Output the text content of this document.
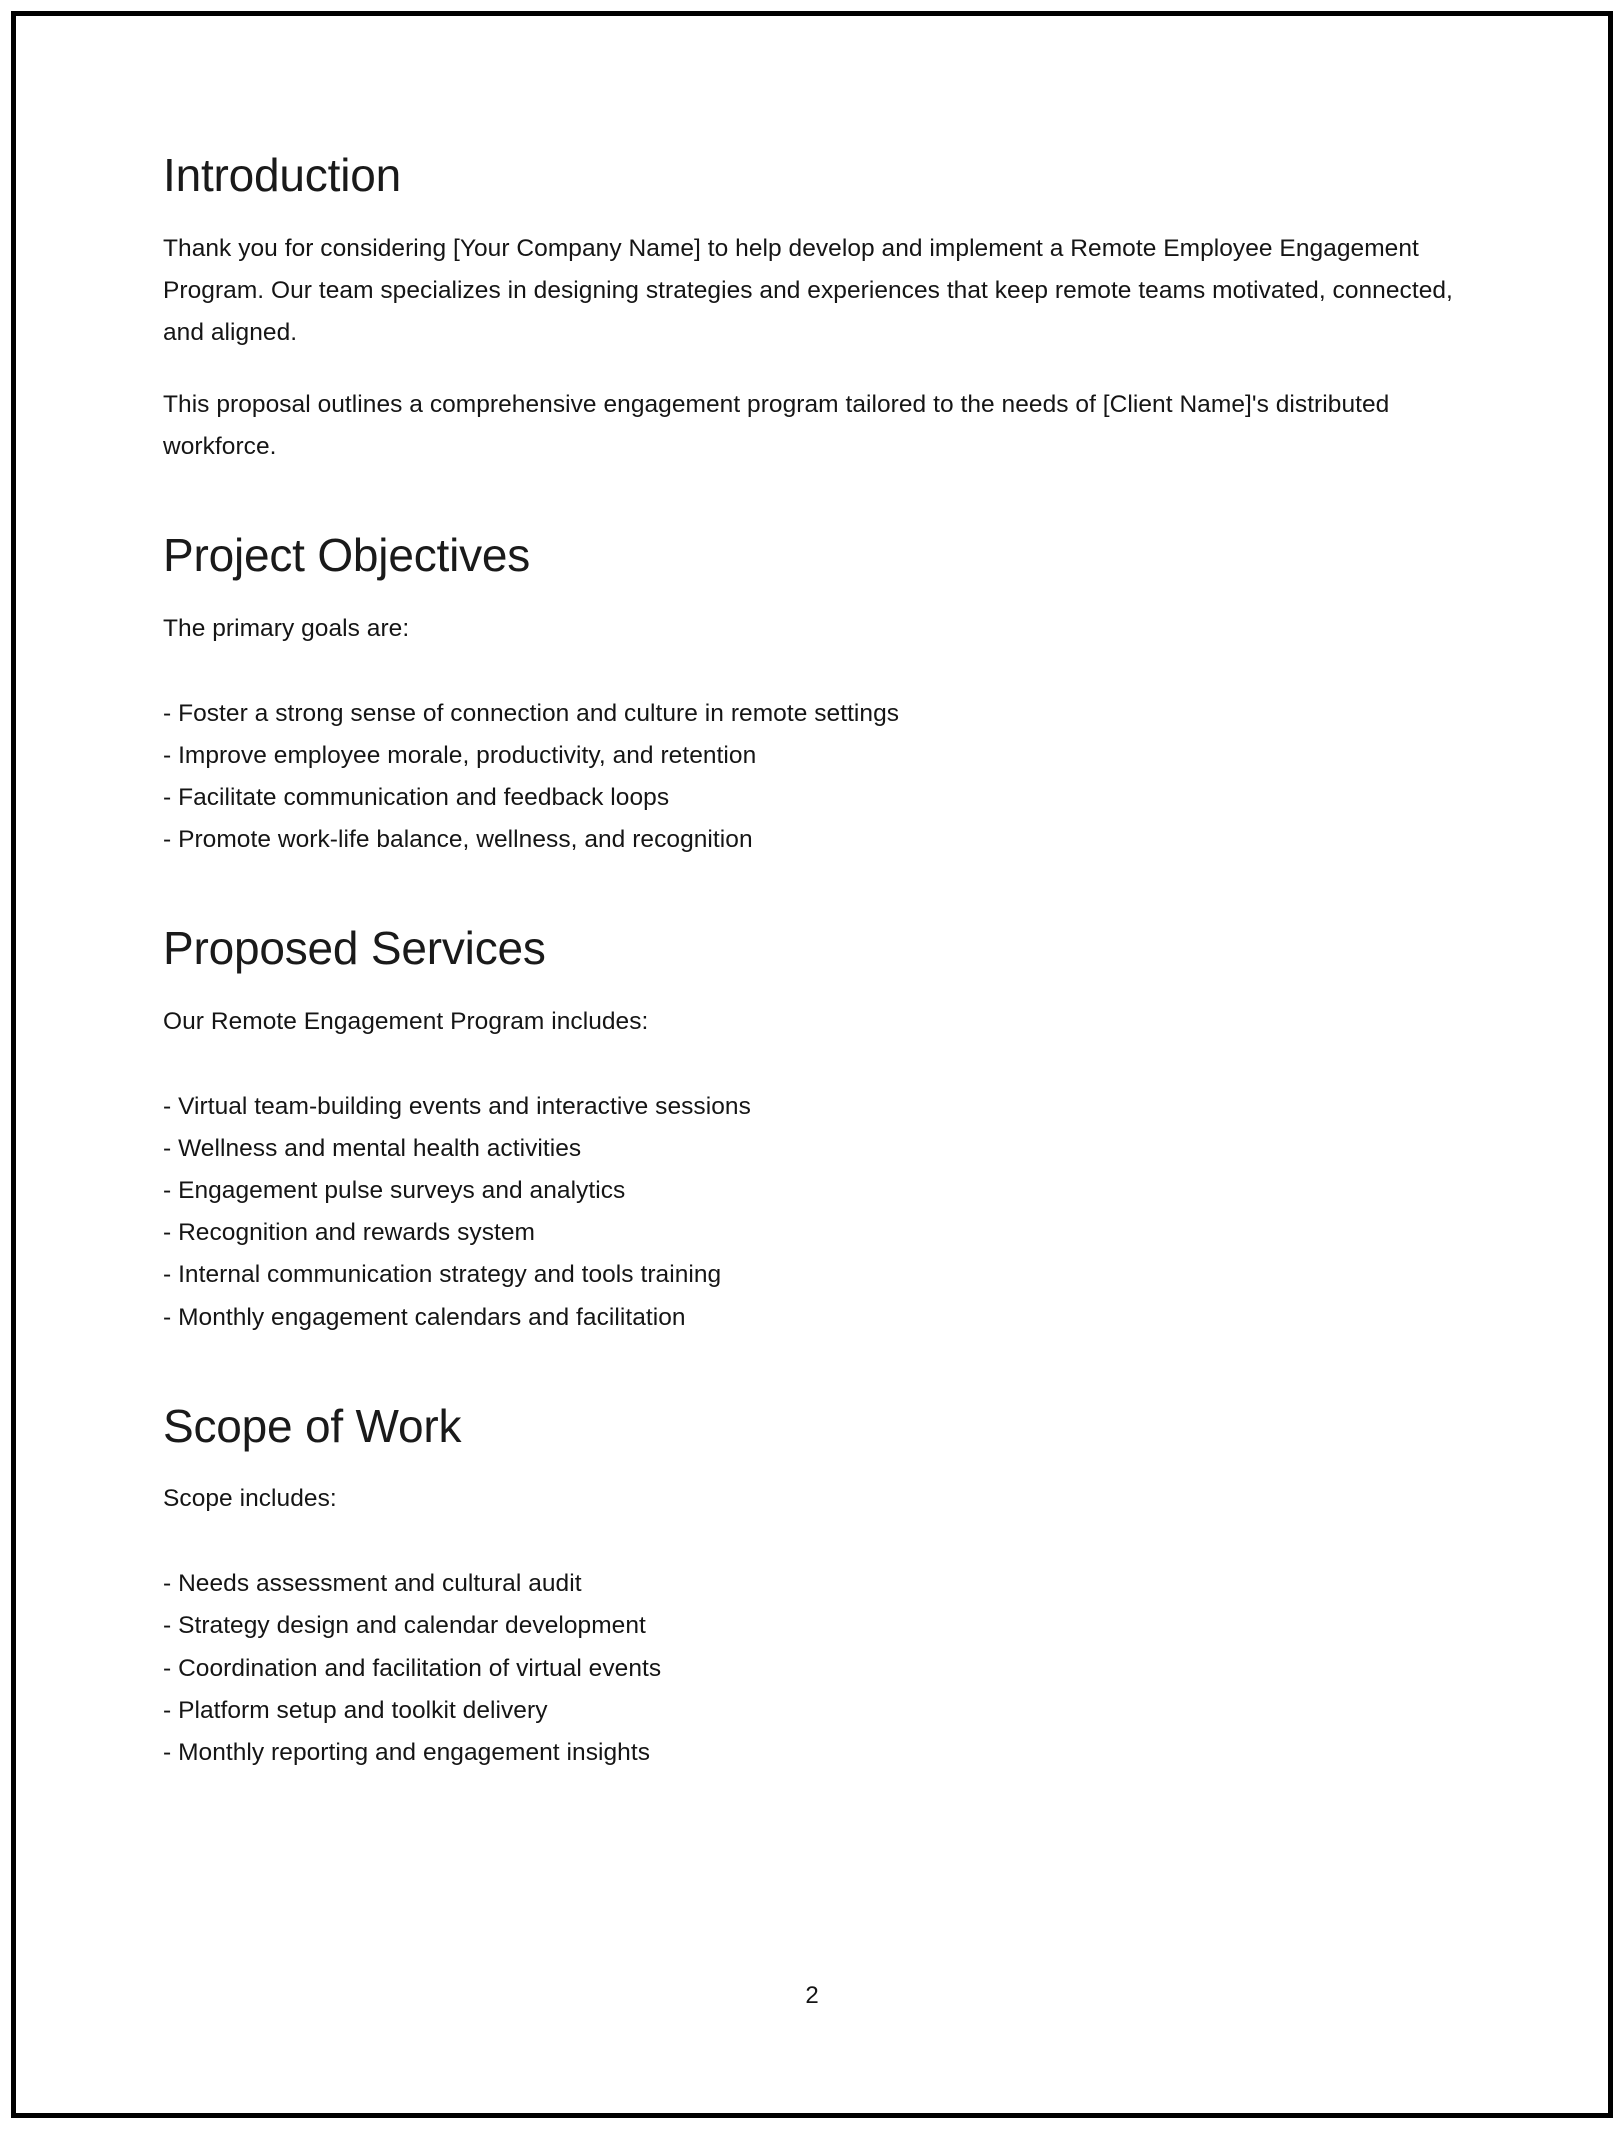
Introduction

Thank you for considering [Your Company Name] to help develop and implement a Remote Employee Engagement Program. Our team specializes in designing strategies and experiences that keep remote teams motivated, connected, and aligned.

This proposal outlines a comprehensive engagement program tailored to the needs of [Client Name]'s distributed workforce.

Project Objectives

The primary goals are:

- Foster a strong sense of connection and culture in remote settings
- Improve employee morale, productivity, and retention
- Facilitate communication and feedback loops
- Promote work-life balance, wellness, and recognition
Proposed Services

Our Remote Engagement Program includes:

- Virtual team-building events and interactive sessions
- Wellness and mental health activities
- Engagement pulse surveys and analytics
- Recognition and rewards system
- Internal communication strategy and tools training
- Monthly engagement calendars and facilitation
Scope of Work

Scope includes:

- Needs assessment and cultural audit
- Strategy design and calendar development
- Coordination and facilitation of virtual events
- Platform setup and toolkit delivery
- Monthly reporting and engagement insights
2
